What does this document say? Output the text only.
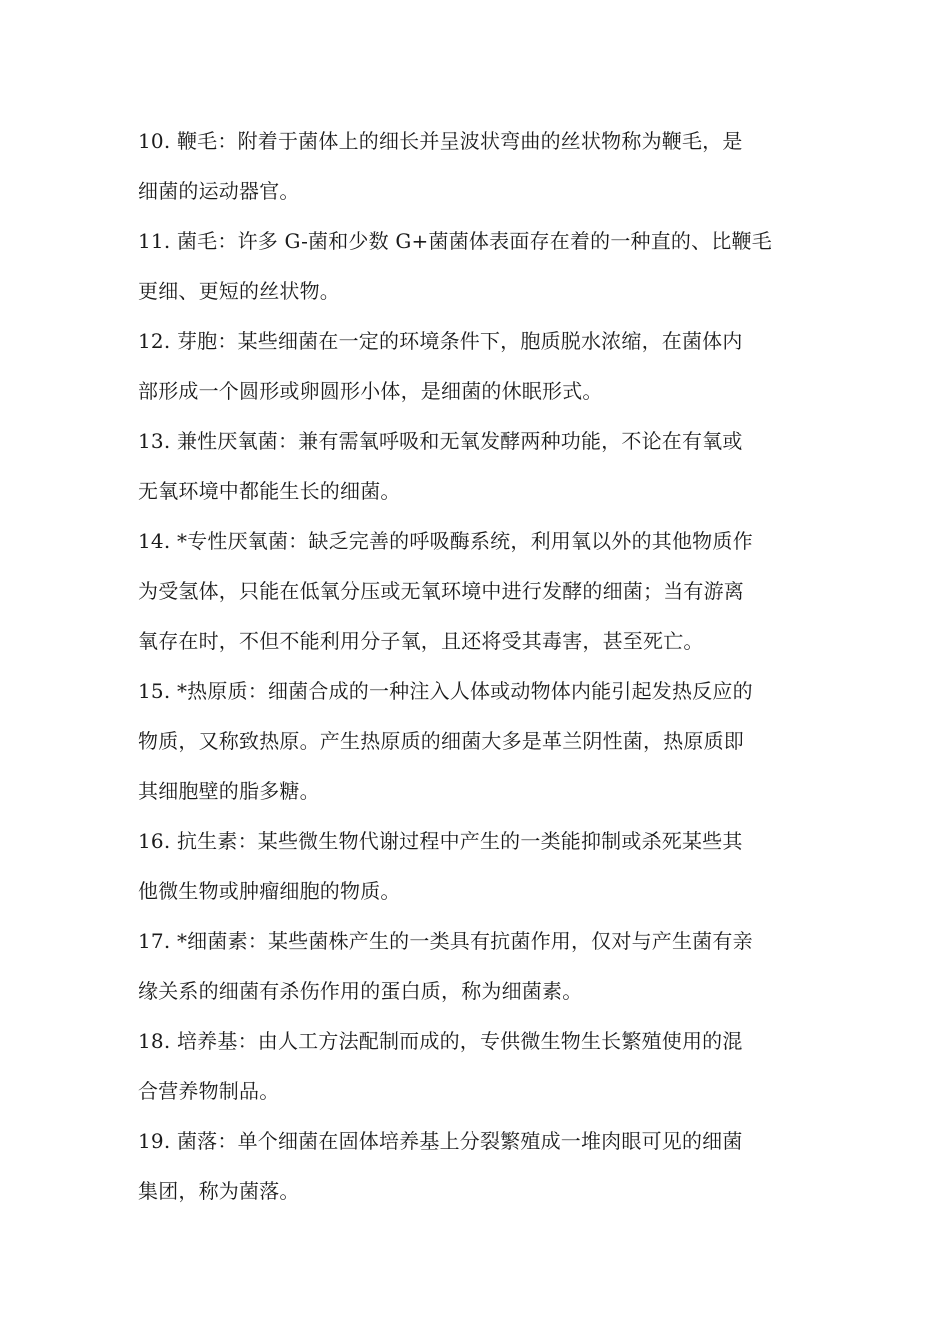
10. 鞭毛：附着于菌体上的细长并呈波状弯曲的丝状物称为鞭毛，是
细菌的运动器官。
11. 菌毛：许多 G-菌和少数 G+菌菌体表面存在着的一种直的、比鞭毛
更细、更短的丝状物。
12. 芽胞：某些细菌在一定的环境条件下，胞质脱水浓缩，在菌体内
部形成一个圆形或卵圆形小体，是细菌的休眠形式。
13. 兼性厌氧菌：兼有需氧呼吸和无氧发酵两种功能，不论在有氧或
无氧环境中都能生长的细菌。
14. *专性厌氧菌：缺乏完善的呼吸酶系统，利用氧以外的其他物质作
为受氢体，只能在低氧分压或无氧环境中进行发酵的细菌；当有游离
氧存在时，不但不能利用分子氧，且还将受其毒害，甚至死亡。
15. *热原质：细菌合成的一种注入人体或动物体内能引起发热反应的
物质，又称致热原。产生热原质的细菌大多是革兰阴性菌，热原质即
其细胞壁的脂多糖。
16. 抗生素：某些微生物代谢过程中产生的一类能抑制或杀死某些其
他微生物或肿瘤细胞的物质。
17. *细菌素：某些菌株产生的一类具有抗菌作用，仅对与产生菌有亲
缘关系的细菌有杀伤作用的蛋白质，称为细菌素。
18. 培养基：由人工方法配制而成的，专供微生物生长繁殖使用的混
合营养物制品。
19. 菌落：单个细菌在固体培养基上分裂繁殖成一堆肉眼可见的细菌
集团，称为菌落。
